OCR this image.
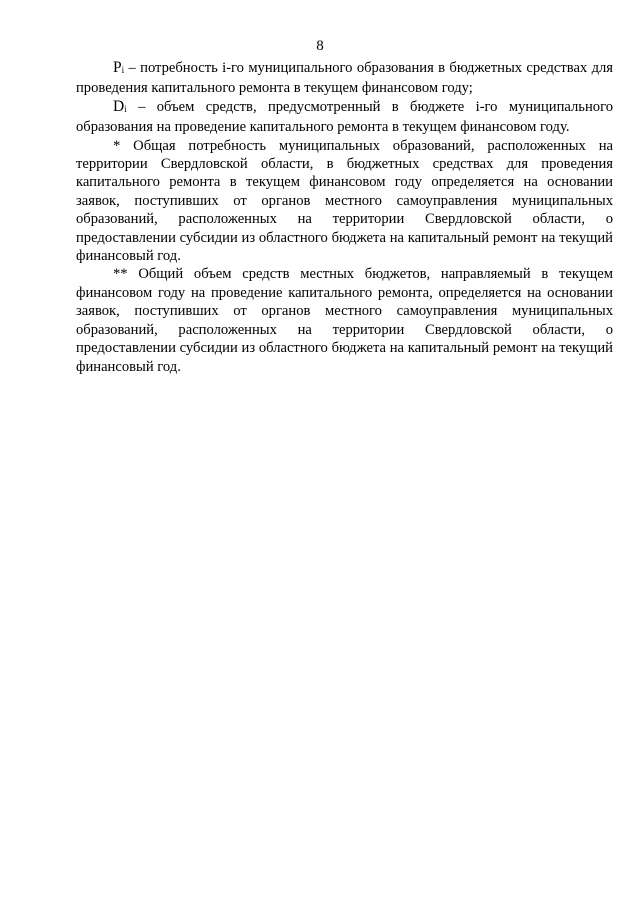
8

$P_i$ – потребность i-го муниципального образования в бюджетных средствах для проведения капитального ремонта в текущем финансовом году;

$D_i$ – объем средств, предусмотренный в бюджете i-го муниципального образования на проведение капитального ремонта в текущем финансовом году.

* Общая потребность муниципальных образований, расположенных на территории Свердловской области, в бюджетных средствах для проведения капитального ремонта в текущем финансовом году определяется на основании заявок, поступивших от органов местного самоуправления муниципальных образований, расположенных на территории Свердловской области, о предоставлении субсидии из областного бюджета на капитальный ремонт на текущий финансовый год.

** Общий объем средств местных бюджетов, направляемый в текущем финансовом году на проведение капитального ремонта, определяется на основании заявок, поступивших от органов местного самоуправления муниципальных образований, расположенных на территории Свердловской области, о предоставлении субсидии из областного бюджета на капитальный ремонт на текущий финансовый год.
